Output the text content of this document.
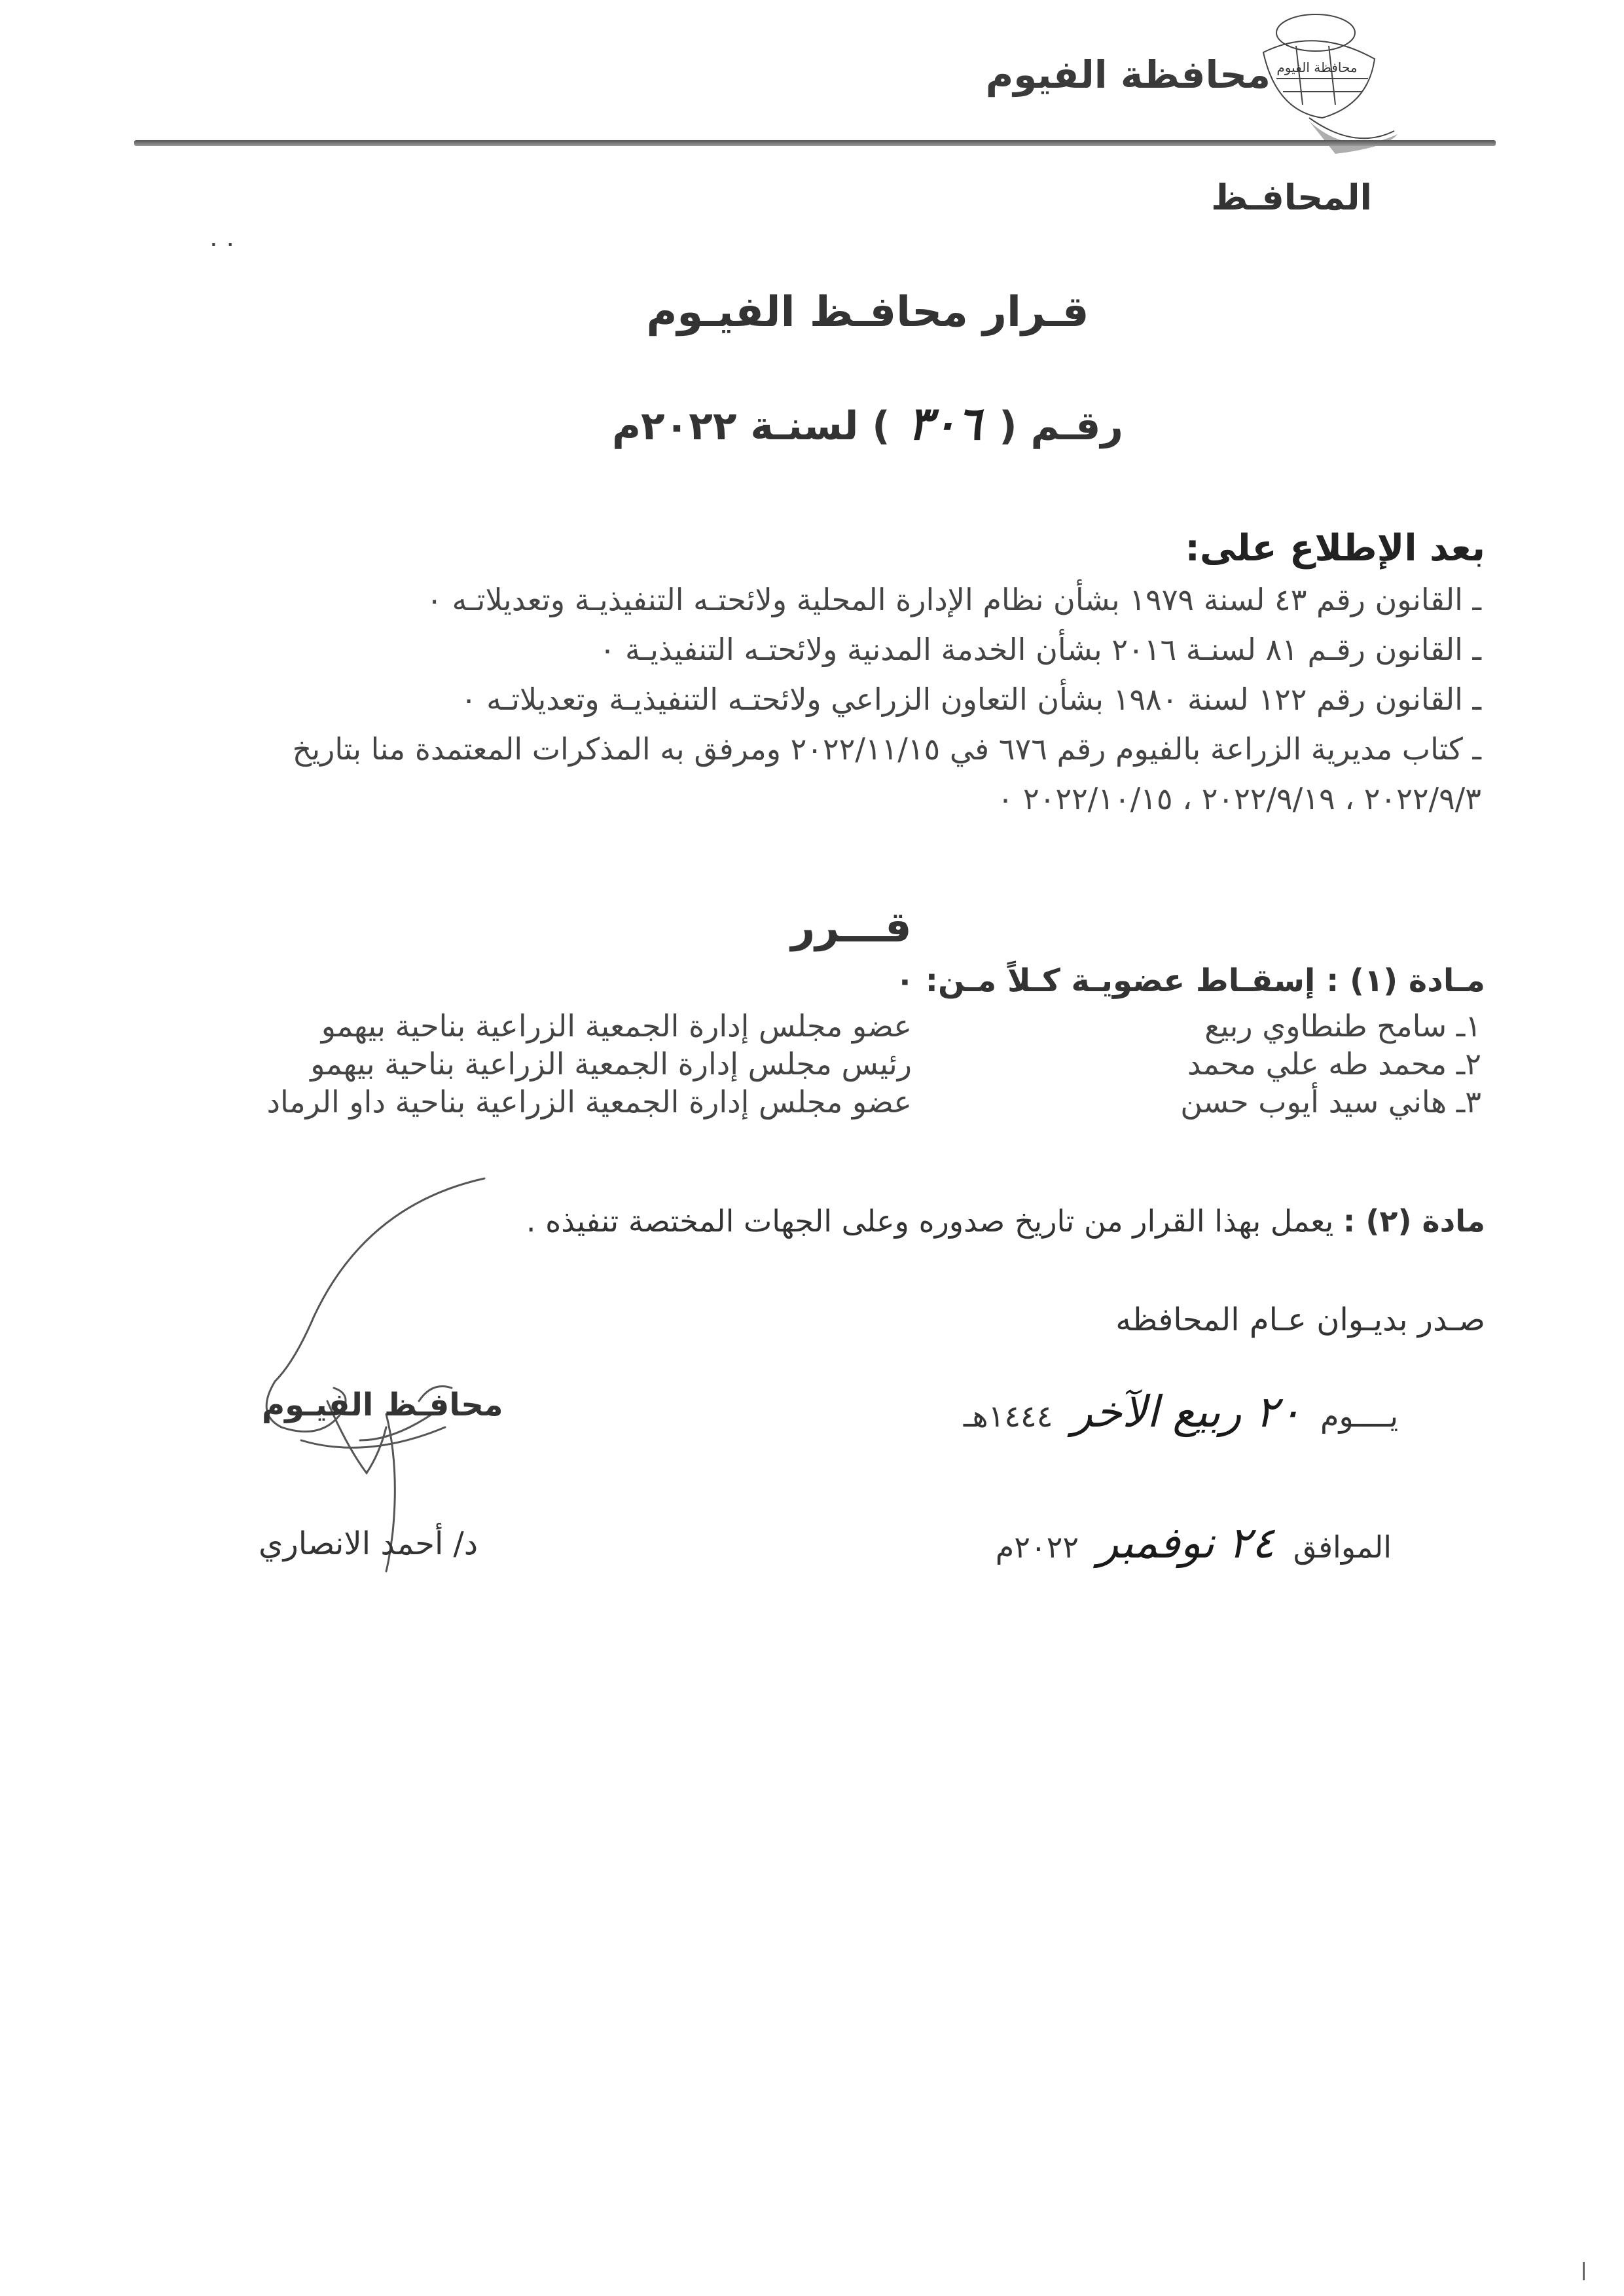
محافظة الفيوم
محافظة الفيوم
المحافـظ
. .
قـرار محافـظ الفيـوم
رقـم ( ٣٠٦ ) لسنـة ٢٠٢٢م
بعد الإطلاع على:
ـ القانون رقم ٤٣ لسنة ١٩٧٩ بشأن نظام الإدارة المحلية ولائحتـه التنفيذيـة وتعديلاتـه ٠
ـ القانون رقـم ٨١ لسنـة ٢٠١٦ بشأن الخدمة المدنية ولائحتـه التنفيذيـة ٠
ـ القانون رقم ١٢٢ لسنة ١٩٨٠ بشأن التعاون الزراعي ولائحتـه التنفيذيـة وتعديلاتـه ٠
ـ كتاب مديرية الزراعة بالفيوم رقم ٦٧٦ في ٢٠٢٢/١١/١٥ ومرفق به المذكرات المعتمدة منا بتاريخ
٢٠٢٢/٩/٣ ، ٢٠٢٢/٩/١٩ ، ٢٠٢٢/١٠/١٥ ٠
قـــرر
مـادة (١) : إسقـاط عضويـة كـلاً مـن: ٠
١ـ سامح طنطاوي ربيع
عضو مجلس إدارة الجمعية الزراعية بناحية بيهمو
٢ـ محمد طه علي محمد
رئيس مجلس إدارة الجمعية الزراعية بناحية بيهمو
٣ـ هاني سيد أيوب حسن
عضو مجلس إدارة الجمعية الزراعية بناحية داو الرماد
مادة (٢) : يعمل بهذا القرار من تاريخ صدوره وعلى الجهات المختصة تنفيذه .
صـدر بديـوان عـام المحافظه
يــــوم ٢٠ ربيع الآخر ١٤٤٤هـ
الموافق ٢٤ نوفمبر ٢٠٢٢م
محافـظ الفيـوم
د/ أحمد الانصاري
